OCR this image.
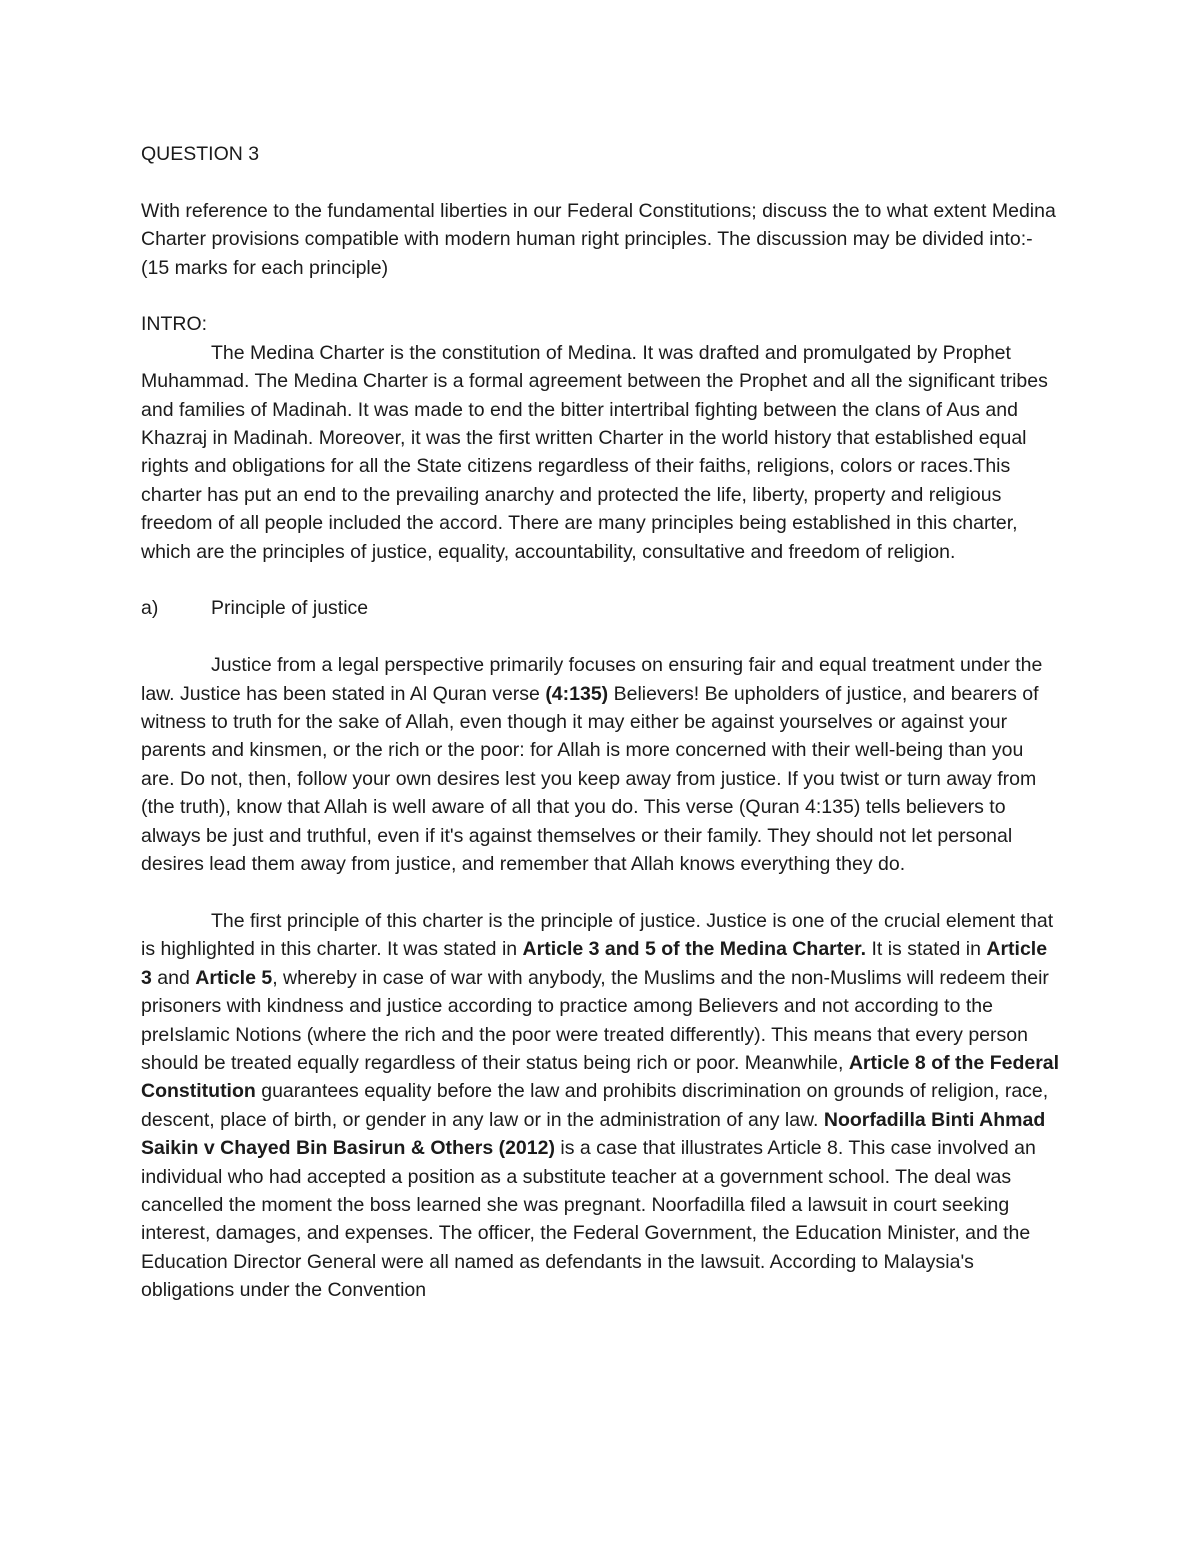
QUESTION 3

With reference to the fundamental liberties in our Federal Constitutions; discuss the to what extent Medina Charter provisions compatible with modern human right principles. The discussion may be divided into:- (15 marks for each principle)

INTRO:

The Medina Charter is the constitution of Medina. It was drafted and promulgated by Prophet Muhammad. The Medina Charter is a formal agreement between the Prophet and all the significant tribes and families of Madinah. It was made to end the bitter intertribal fighting between the clans of Aus and Khazraj in Madinah. Moreover, it was the first written Charter in the world history that established equal rights and obligations for all the State citizens regardless of their faiths, religions, colors or races.This charter has put an end to the prevailing anarchy and protected the life, liberty, property and religious freedom of all people included the accord. There are many principles being established in this charter, which are the principles of justice, equality, accountability, consultative and freedom of religion.

a)	Principle of justice

Justice from a legal perspective primarily focuses on ensuring fair and equal treatment under the law. Justice has been stated in Al Quran verse (4:135) Believers! Be upholders of justice, and bearers of witness to truth for the sake of Allah, even though it may either be against yourselves or against your parents and kinsmen, or the rich or the poor: for Allah is more concerned with their well-being than you are. Do not, then, follow your own desires lest you keep away from justice. If you twist or turn away from (the truth), know that Allah is well aware of all that you do. This verse (Quran 4:135) tells believers to always be just and truthful, even if it's against themselves or their family. They should not let personal desires lead them away from justice, and remember that Allah knows everything they do.

The first principle of this charter is the principle of justice. Justice is one of the crucial element that is highlighted in this charter. It was stated in Article 3 and 5 of the Medina Charter. It is stated in Article 3 and Article 5, whereby in case of war with anybody, the Muslims and the non-Muslims will redeem their prisoners with kindness and justice according to practice among Believers and not according to the preIslamic Notions (where the rich and the poor were treated differently). This means that every person should be treated equally regardless of their status being rich or poor. Meanwhile, Article 8 of the Federal Constitution guarantees equality before the law and prohibits discrimination on grounds of religion, race, descent, place of birth, or gender in any law or in the administration of any law. Noorfadilla Binti Ahmad Saikin v Chayed Bin Basirun & Others (2012) is a case that illustrates Article 8. This case involved an individual who had accepted a position as a substitute teacher at a government school. The deal was cancelled the moment the boss learned she was pregnant. Noorfadilla filed a lawsuit in court seeking interest, damages, and expenses. The officer, the Federal Government, the Education Minister, and the Education Director General were all named as defendants in the lawsuit. According to Malaysia's obligations under the Convention
